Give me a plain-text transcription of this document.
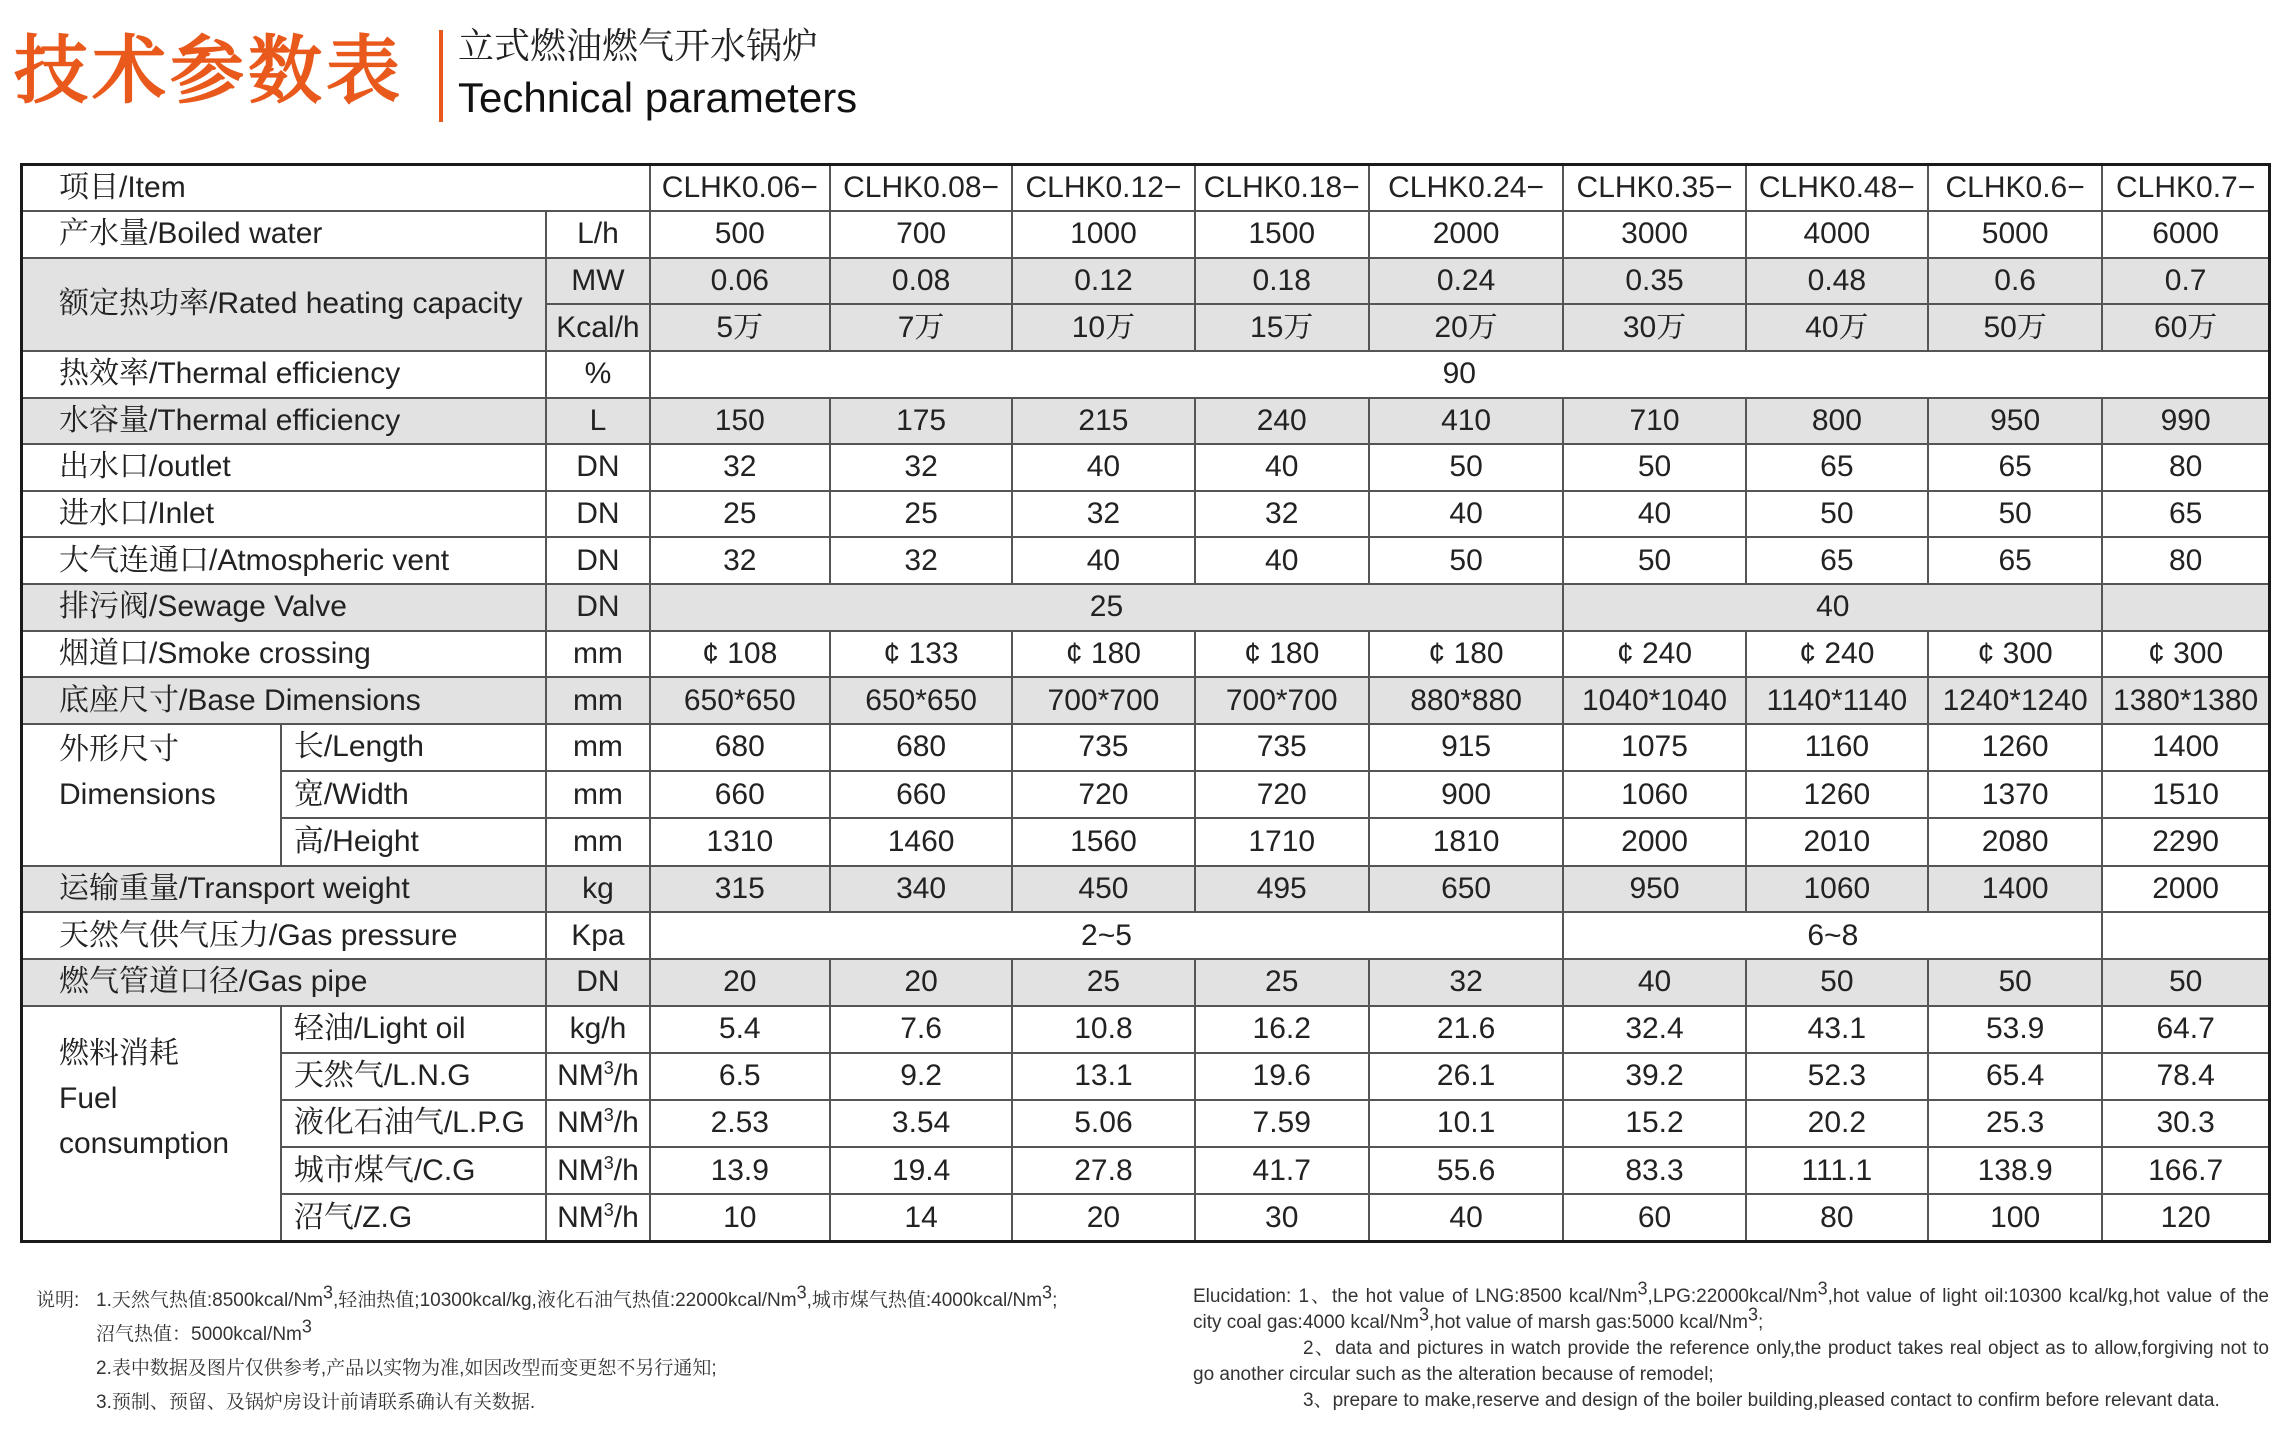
技术参数表 立式燃油燃气开水锅炉
Technical parameters
项目/Item			CLHK0.06−	CLHK0.08−	CLHK0.12−	CLHK0.18−	CLHK0.24−	CLHK0.35−	CLHK0.48−	CLHK0.6−	CLHK0.7−
产水量/Boiled water		L/h	500	700	1000	1500	2000	3000	4000	5000	6000
额定热功率/Rated heating capacity		MW	0.06	0.08	0.12	0.18	0.24	0.35	0.48	0.6	0.7
		Kcal/h	5万	7万	10万	15万	20万	30万	40万	50万	60万
热效率/Thermal efficiency		%	90								
水容量/Thermal efficiency		L	150	175	215	240	410	710	800	950	990
出水口/outlet		DN	32	32	40	40	50	50	65	65	80
进水口/Inlet		DN	25	25	32	32	40	40	50	50	65
大气连通口/Atmospheric vent		DN	32	32	40	40	50	50	65	65	80
排污阀/Sewage Valve		DN	25					40			
烟道口/Smoke crossing		mm	¢ 108	¢ 133	¢ 180	¢ 180	¢ 180	¢ 240	¢ 240	¢ 300	¢ 300
底座尺寸/Base Dimensions		mm	650*650	650*650	700*700	700*700	880*880	1040*1040	1140*1140	1240*1240	1380*1380

外形尺寸
Dimensions	长/Length	mm	680	680	735	735	915	1075	1160	1260	1400
	宽/Width	mm	660	660	720	720	900	1060	1260	1370	1510
	高/Height	mm	1310	1460	1560	1710	1810	2000	2010	2080	2290
运输重量/Transport weight		kg	315	340	450	495	650	950	1060	1400	2000
天然气供气压力/Gas pressure		Kpa	2~5					6~8			
燃气管道口径/Gas pipe		DN	20	20	25	25	32	40	50	50	50

燃料消耗
Fuel consumption	轻油/Light oil	kg/h	5.4	7.6	10.8	16.2	21.6	32.4	43.1	53.9	64.7
	天然气/L.N.G	$NM^3/h$	6.5	9.2	13.1	19.6	26.1	39.2	52.3	65.4	78.4
	液化石油气/L.P.G	$NM^3/h$	2.53	3.54	5.06	7.59	10.1	15.2	20.2	25.3	30.3
	城市煤气/C.G	$NM^3/h$	13.9	19.4	27.8	41.7	55.6	83.3	111.1	138.9	166.7
	沼气/Z.G	$NM^3/h$	10	14	20	30	40	60	80	100	120
说明: 1.天然气热值:8500kcal/Nm$^3$,轻油热值;10300kcal/kg,液化石油气热值:22000kcal/Nm$^3$,城市煤气热值:4000kcal/Nm$^3$;
沼气热值：5000kcal/Nm$^3$
2.表中数据及图片仅供参考,产品以实物为准,如因改型而变更恕不另行通知;
3.预制、预留、及锅炉房设计前请联系确认有关数据.

Elucidation: 1、the hot value of LNG:8500 kcal/Nm$^3$,LPG:22000kcal/Nm$^3$,hot value of light oil:10300 kcal/kg,hot value of the city coal gas:4000 kcal/Nm$^3$,hot value of marsh gas:5000 kcal/Nm$^3$;

2、data and pictures in watch provide the reference only,the product takes real object as to allow,forgiving not to go another circular such as the alteration because of remodel;

3、prepare to make,reserve and design of the boiler building,pleased contact to confirm before relevant data.
